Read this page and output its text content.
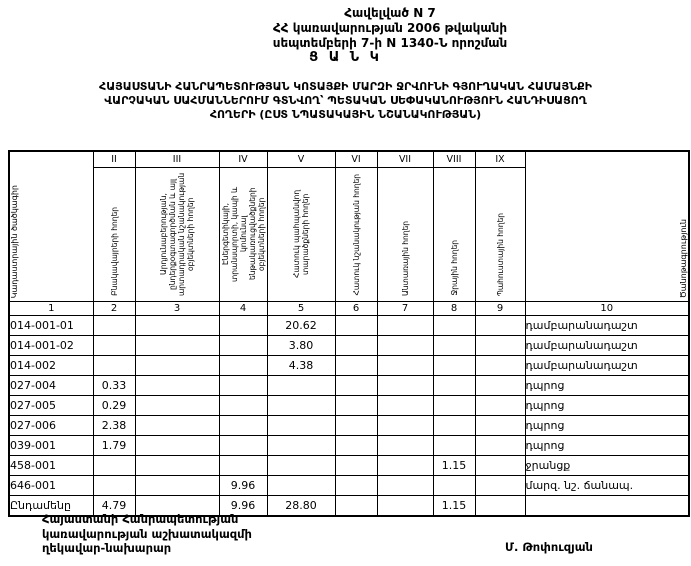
Հավելված N 7
ՀՀ կառավարության 2006 թվականի
սեպտեմբերի 7-ի N 1340-Ն որոշման
Ց Ա Ն Կ
ՀԱՅԱՍՏԱՆԻ ՀԱՆՐԱՊԵՏՈՒԹՅԱՆ ԿՈՏԱՅՔԻ ՄԱՐԶԻ ՋՐՎՈՒՆԻ ԳՅՈՒՂԱԿԱՆ ՀԱՄԱՅՆՔԻ
ՎԱՐՉԱԿԱՆ ՍԱՀՄԱՆՆԵՐՈՒՄ ԳՏՆՎՈՂ՝ ՊԵՏԱԿԱՆ ՍԵՓԱԿԱՆՈՒԹՅՈՒՆ ՀԱՆԴԻՍԱՑՈՂ
ՀՈՂԵՐԻ (ԸՍՏ ՆՊԱՏԱԿԱՅԻՆ ՆՇԱՆԱԿՈՒԹՅԱՆ)
Կադաստրային ծածկագիր	II	III	IV	V	VI	VII	VIII	IX	Ծանոթագրություն
	Բնակավայրերի հողեր	Արդյունաբերության, ընդերքօգտագործման և այլ արտադրական նշանակության օբյեկտների հողեր	Էներգետիկայի, տրանսպորտի, կապի և կոմունալ ենթակառուցվածքների օբյեկտների հողեր	Հատուկ պահպանվող տարածքների հողեր	Հատուկ նշանակության հողեր	Անտառային հողեր	Ջրային հողեր	Պահուստային հողեր	
1	2	3	4	5	6	7	8	9	10
014-001-01				20.62					դամբարանադաշտ
014-001-02				3.80					դամբարանադաշտ
014-002				4.38					դամբարանադաշտ
027-004	0.33								դպրոց
027-005	0.29								դպրոց
027-006	2.38								դպրոց
039-001	1.79								դպրոց
458-001							1.15		ջրանցք
646-001			9.96						մարզ. նշ. ճանապ.
Ընդամենը	4.79		9.96	28.80			1.15		
Հայաստանի Հանրապետության
կառավարության աշխատակազմի
ղեկավար-նախարար	Մ. Թոփուզյան
